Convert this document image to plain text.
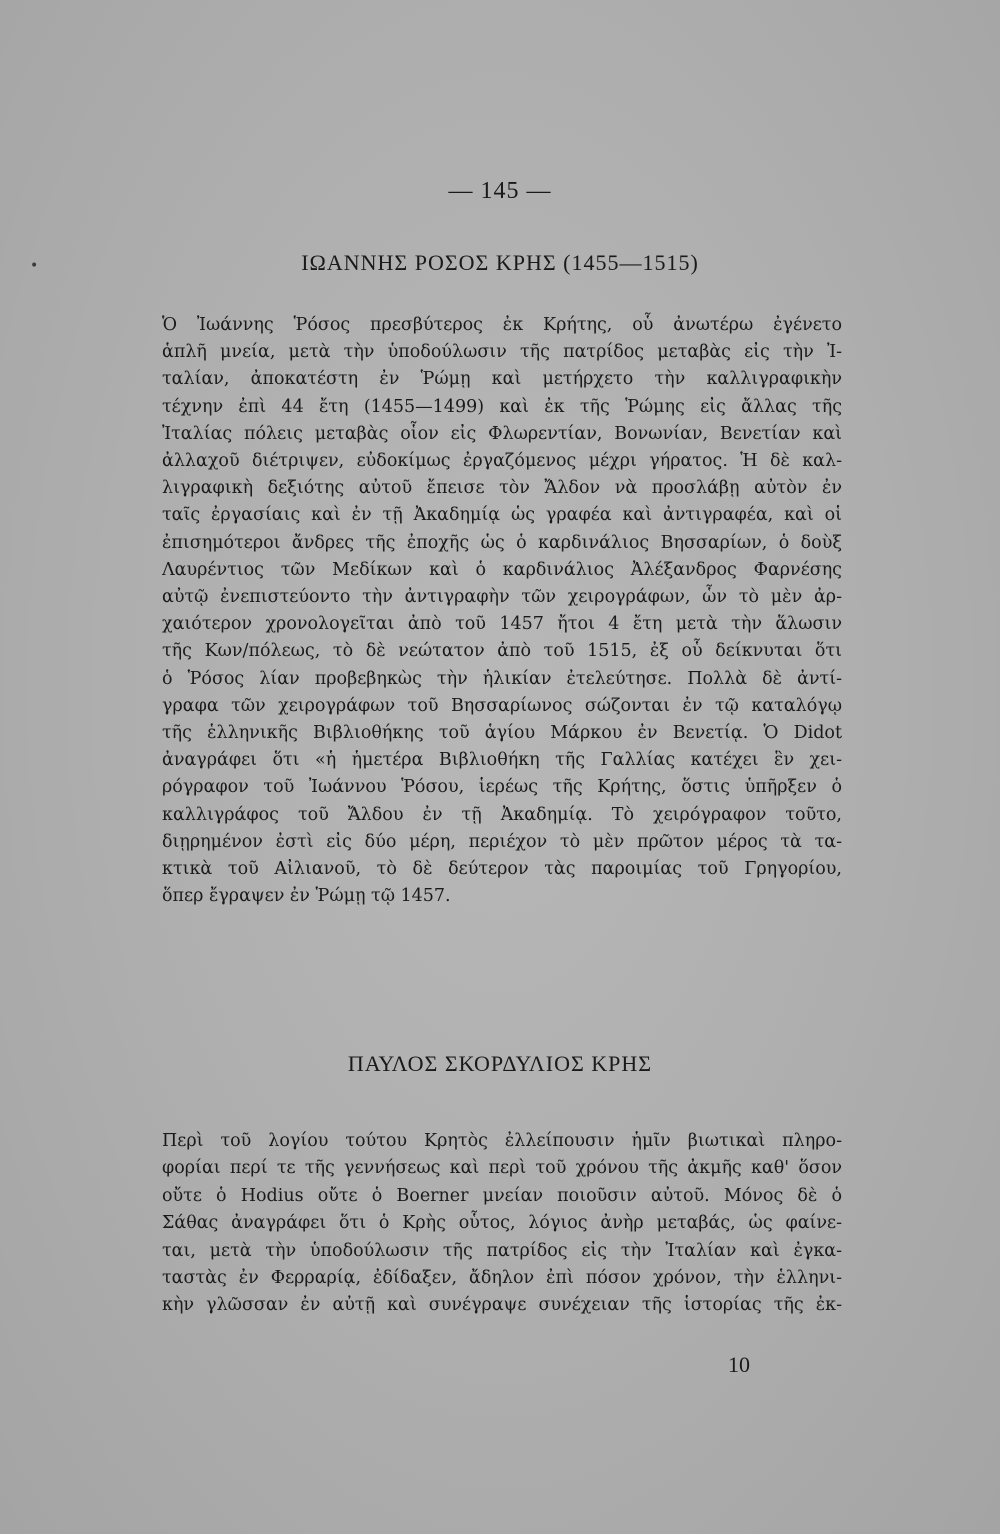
•
— 145 —
ΙΩΑΝΝΗΣ ΡΟΣΟΣ ΚΡΗΣ (1455—1515)
Ὁ Ἰωάννης Ῥόσος πρεσβύτερος ἐκ Κρήτης, οὗ ἀνωτέρω ἐγένετο
ἁπλῆ μνεία, μετὰ τὴν ὑποδούλωσιν τῆς πατρίδος μεταβὰς εἰς τὴν Ἰ-
ταλίαν, ἀποκατέστη ἐν Ῥώμῃ καὶ μετήρχετο τὴν καλλιγραφικὴν
τέχνην ἐπὶ 44 ἔτη (1455—1499) καὶ ἐκ τῆς Ῥώμης εἰς ἄλλας τῆς
Ἰταλίας πόλεις μεταβὰς οἷον εἰς Φλωρεντίαν, Βονωνίαν, Βενετίαν καὶ
ἀλλαχοῦ διέτριψεν, εὐδοκίμως ἐργαζόμενος μέχρι γήρατος. Ἡ δὲ καλ-
λιγραφικὴ δεξιότης αὐτοῦ ἔπεισε τὸν Ἄλδον νὰ προσλάβῃ αὐτὸν ἐν
ταῖς ἐργασίαις καὶ ἐν τῇ Ἀκαδημίᾳ ὡς γραφέα καὶ ἀντιγραφέα, καὶ οἱ
ἐπισημότεροι ἄνδρες τῆς ἐποχῆς ὡς ὁ καρδινάλιος Βησσαρίων, ὁ δοὺξ
Λαυρέντιος τῶν Μεδίκων καὶ ὁ καρδινάλιος Ἀλέξανδρος Φαρνέσης
αὐτῷ ἐνεπιστεύοντο τὴν ἀντιγραφὴν τῶν χειρογράφων, ὧν τὸ μὲν ἀρ-
χαιότερον χρονολογεῖται ἀπὸ τοῦ 1457 ἤτοι 4 ἔτη μετὰ τὴν ἅλωσιν
τῆς Κων/πόλεως, τὸ δὲ νεώτατον ἀπὸ τοῦ 1515, ἐξ οὗ δείκνυται ὅτι
ὁ Ῥόσος λίαν προβεβηκὼς τὴν ἡλικίαν ἐτελεύτησε. Πολλὰ δὲ ἀντί-
γραφα τῶν χειρογράφων τοῦ Βησσαρίωνος σώζονται ἐν τῷ καταλόγῳ
τῆς ἑλληνικῆς Βιβλιοθήκης τοῦ ἁγίου Μάρκου ἐν Βενετίᾳ. Ὁ Didot
ἀναγράφει ὅτι «ἡ ἡμετέρα Βιβλιοθήκη τῆς Γαλλίας κατέχει ἓν χει-
ρόγραφον τοῦ Ἰωάννου Ῥόσου, ἱερέως τῆς Κρήτης, ὅστις ὑπῆρξεν ὁ
καλλιγράφος τοῦ Ἄλδου ἐν τῇ Ἀκαδημίᾳ. Τὸ χειρόγραφον τοῦτο,
διῃρημένον ἐστὶ εἰς δύο μέρη, περιέχον τὸ μὲν πρῶτον μέρος τὰ τα-
κτικὰ τοῦ Αἰλιανοῦ, τὸ δὲ δεύτερον τὰς παροιμίας τοῦ Γρηγορίου,
ὅπερ ἔγραψεν ἐν Ῥώμῃ τῷ 1457.
ΠΑΥΛΟΣ ΣΚΟΡΔΥΛΙΟΣ ΚΡΗΣ
Περὶ τοῦ λογίου τούτου Κρητὸς ἐλλείπουσιν ἡμῖν βιωτικαὶ πληρο-
φορίαι περί τε τῆς γεννήσεως καὶ περὶ τοῦ χρόνου τῆς ἀκμῆς καθ' ὅσον
οὔτε ὁ Hodius οὔτε ὁ Boerner μνείαν ποιοῦσιν αὐτοῦ. Μόνος δὲ ὁ
Σάθας ἀναγράφει ὅτι ὁ Κρὴς οὗτος, λόγιος ἀνὴρ μεταβάς, ὡς φαίνε-
ται, μετὰ τὴν ὑποδούλωσιν τῆς πατρίδος εἰς τὴν Ἰταλίαν καὶ ἐγκα-
ταστὰς ἐν Φερραρίᾳ, ἐδίδαξεν, ἄδηλον ἐπὶ πόσον χρόνον, τὴν ἑλληνι-
κὴν γλῶσσαν ἐν αὐτῇ καὶ συνέγραψε συνέχειαν τῆς ἱστορίας τῆς ἐκ-
10
